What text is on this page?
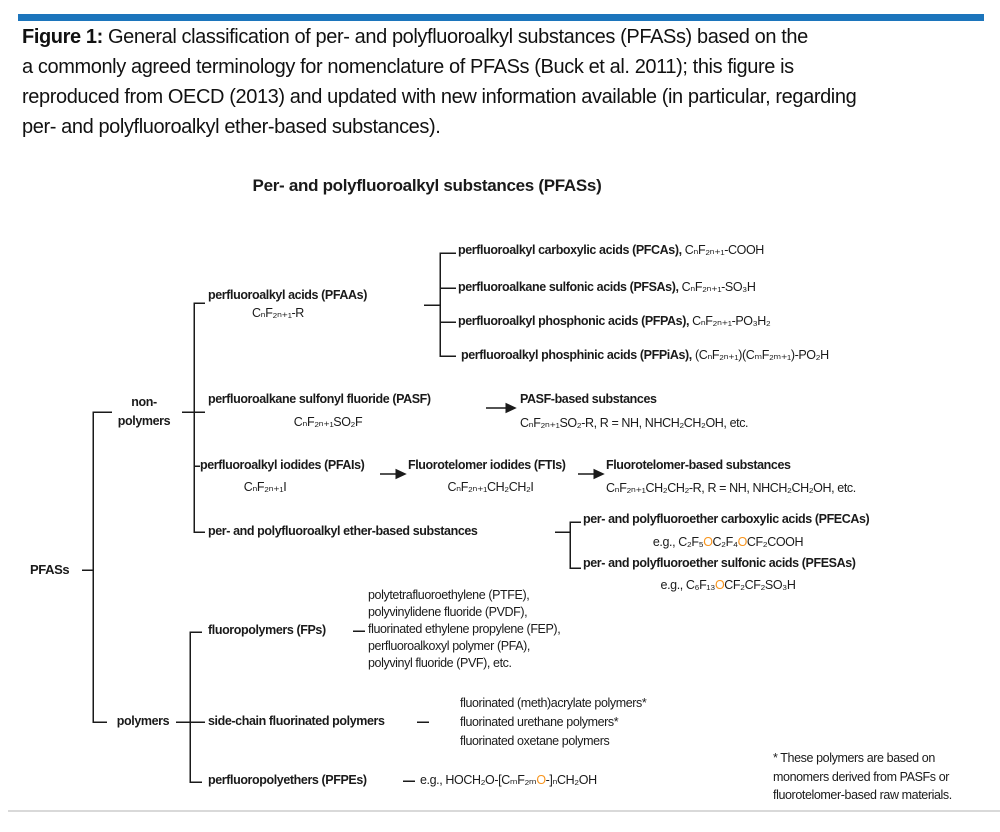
Figure 1: General classification of per- and polyfluoroalkyl substances (PFASs) based on the
a commonly agreed terminology for nomenclature of PFASs (Buck et al. 2011); this figure is
reproduced from OECD (2013) and updated with new information available (in particular, regarding
per- and polyfluoroalkyl ether-based substances).
Per- and polyfluoroalkyl substances (PFASs)
PFASs
non-
polymers
perfluoroalkyl acids (PFAAs)
CₙF₂ₙ₊₁-R
perfluoroalkyl carboxylic acids (PFCAs), CₙF₂ₙ₊₁-COOH
perfluoroalkane sulfonic acids (PFSAs), CₙF₂ₙ₊₁-SO₃H
perfluoroalkyl phosphonic acids (PFPAs), CₙF₂ₙ₊₁-PO₃H₂
perfluoroalkyl phosphinic acids (PFPiAs), (CₙF₂ₙ₊₁)(CₘF₂ₘ₊₁)-PO₂H
perfluoroalkane sulfonyl fluoride (PASF)
CₙF₂ₙ₊₁SO₂F
PASF-based substances
CₙF₂ₙ₊₁SO₂-R, R = NH, NHCH₂CH₂OH, etc.
perfluoroalkyl iodides (PFAIs)
CₙF₂ₙ₊₁I
Fluorotelomer iodides (FTIs)
CₙF₂ₙ₊₁CH₂CH₂I
Fluorotelomer-based substances
CₙF₂ₙ₊₁CH₂CH₂-R, R = NH, NHCH₂CH₂OH, etc.
per- and polyfluoroalkyl ether-based substances
per- and polyfluoroether carboxylic acids (PFECAs)
e.g., C₂F₅OC₂F₄OCF₂COOH
per- and polyfluoroether sulfonic acids (PFESAs)
e.g., C₆F₁₃OCF₂CF₂SO₃H
fluoropolymers (FPs)
polytetrafluoroethylene (PTFE),
polyvinylidene fluoride (PVDF),
fluorinated ethylene propylene (FEP),
perfluoroalkoxyl polymer (PFA),
polyvinyl fluoride (PVF), etc.
polymers	side-chain fluorinated polymers
fluorinated (meth)acrylate polymers*
fluorinated urethane polymers*
fluorinated oxetane polymers
perfluoropolyethers (PFPEs)	e.g., HOCH₂O-[CₘF₂ₘO-]ₙCH₂OH
* These polymers are based on
monomers derived from PASFs or
fluorotelomer-based raw materials.
